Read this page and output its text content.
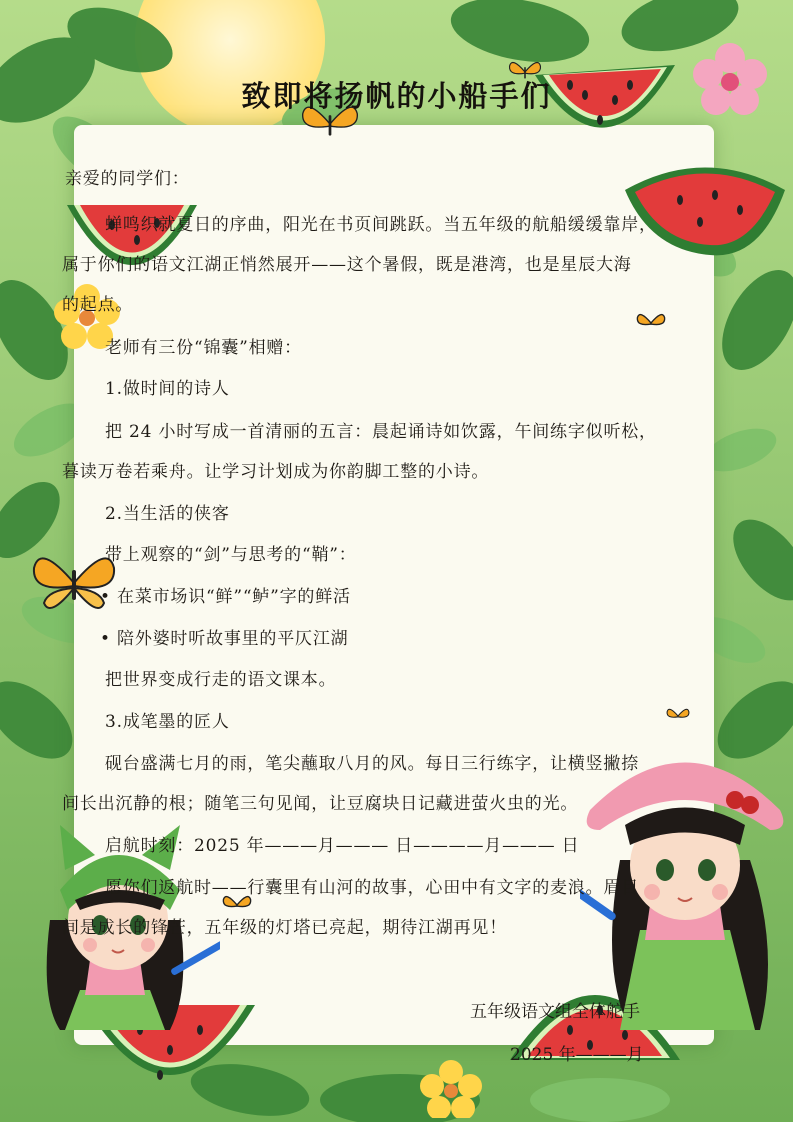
致即将扬帆的小船手们
亲爱的同学们：
蝉鸣织就夏日的序曲，阳光在书页间跳跃。当五年级的航船缓缓靠岸，
属于你们的语文江湖正悄然展开——这个暑假，既是港湾，也是星辰大海
的起点。
老师有三份“锦囊”相赠：
1.做时间的诗人
把 24 小时写成一首清丽的五言：晨起诵诗如饮露，午间练字似听松，
暮读万卷若乘舟。让学习计划成为你韵脚工整的小诗。
2.当生活的侠客
带上观察的“剑”与思考的“鞘”：
• 在菜市场识“鲜”“鲈”字的鲜活
• 陪外婆时听故事里的平仄江湖
把世界变成行走的语文课本。
3.成笔墨的匠人
砚台盛满七月的雨，笔尖蘸取八月的风。每日三行练字，让横竖撇捺
间长出沉静的根；随笔三句见闻，让豆腐块日记藏进萤火虫的光。
启航时刻：2025 年———月——— 日————月——— 日
愿你们返航时——行囊里有山河的故事，心田中有文字的麦浪。眉目
间是成长的锋芒，五年级的灯塔已亮起，期待江湖再见！
五年级语文组全体舵手
2025 年———月
